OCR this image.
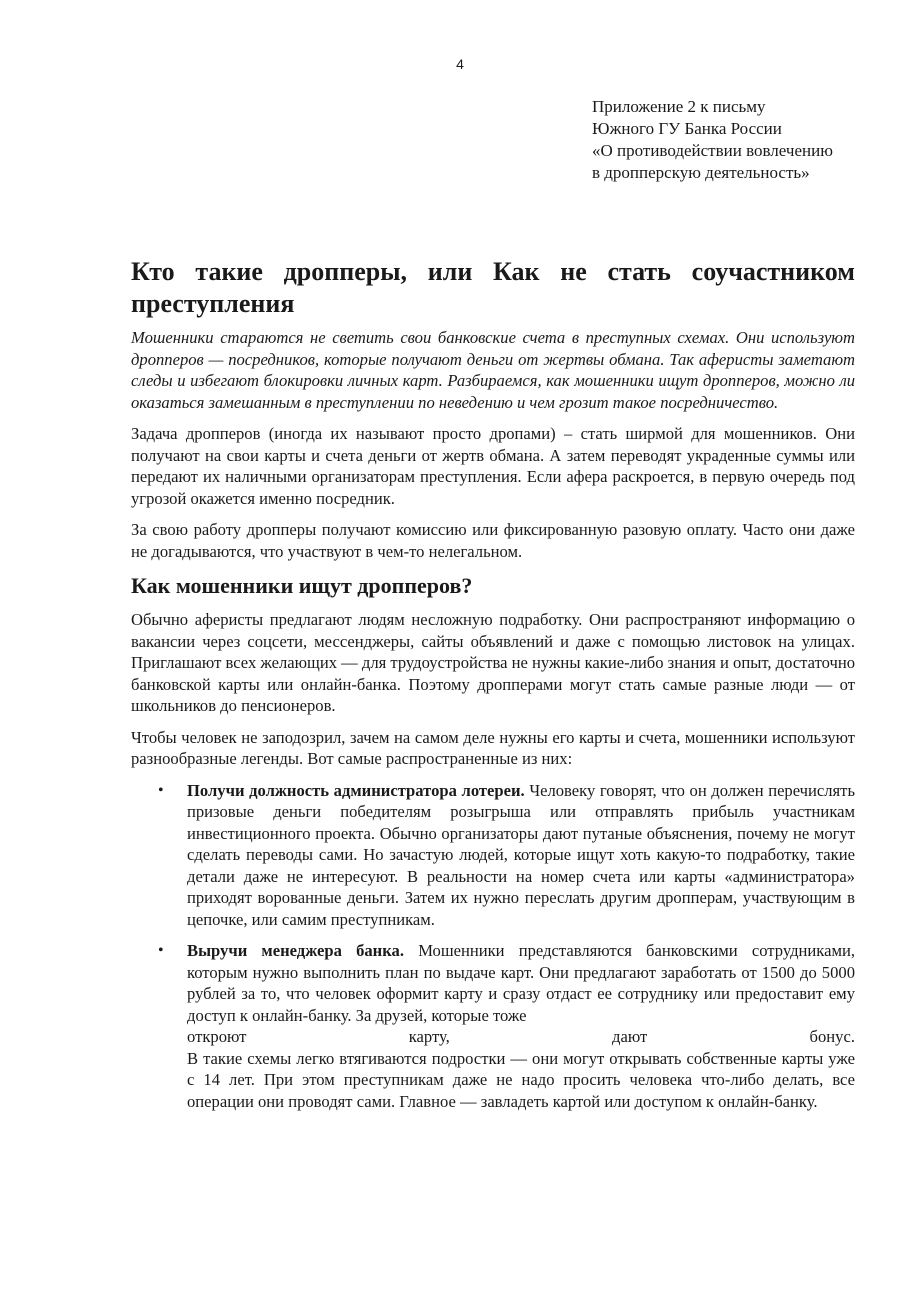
4
Приложение 2 к письму
Южного ГУ Банка России
«О противодействии вовлечению
в дропперскую деятельность»
Кто такие дропперы, или Как не стать соучастником преступления

Мошенники стараются не светить свои банковские счета в преступных схемах. Они используют дропперов — посредников, которые получают деньги от жертвы обмана. Так аферисты заметают следы и избегают блокировки личных карт. Разбираемся, как мошенники ищут дропперов, можно ли оказаться замешанным в преступлении по неведению и чем грозит такое посредничество.

Задача дропперов (иногда их называют просто дропами) – стать ширмой для мошенников. Они получают на свои карты и счета деньги от жертв обмана. А затем переводят украденные суммы или передают их наличными организаторам преступления. Если афера раскроется, в первую очередь под угрозой окажется именно посредник.

За свою работу дропперы получают комиссию или фиксированную разовую оплату. Часто они даже не догадываются, что участвуют в чем-то нелегальном.

Как мошенники ищут дропперов?

Обычно аферисты предлагают людям несложную подработку. Они распространяют информацию о вакансии через соцсети, мессенджеры, сайты объявлений и даже с помощью листовок на улицах. Приглашают всех желающих — для трудоустройства не нужны какие-либо знания и опыт, достаточно банковской карты или онлайн-банка. Поэтому дропперами могут стать самые разные люди — от школьников до пенсионеров.

Чтобы человек не заподозрил, зачем на самом деле нужны его карты и счета, мошенники используют разнообразные легенды. Вот самые распространенные из них:

• Получи должность администратора лотереи. Человеку говорят, что он должен перечислять призовые деньги победителям розыгрыша или отправлять прибыль участникам инвестиционного проекта. Обычно организаторы дают путаные объяснения, почему не могут сделать переводы сами. Но зачастую людей, которые ищут хоть какую-то подработку, такие детали даже не интересуют. В реальности на номер счета или карты «администратора» приходят ворованные деньги. Затем их нужно переслать другим дропперам, участвующим в цепочке, или самим преступникам.
• Выручи менеджера банка. Мошенники представляются банковскими сотрудниками, которым нужно выполнить план по выдаче карт. Они предлагают заработать от 1500 до 5000 рублей за то, что человек оформит карту и сразу отдаст ее сотруднику или предоставит ему доступ к онлайн-банку. За друзей, которые тоже
откроют	карту,	дают	бонус.
В такие схемы легко втягиваются подростки — они могут открывать собственные карты уже с 14 лет. При этом преступникам даже не надо просить человека что-либо делать, все операции они проводят сами. Главное — завладеть картой или доступом к онлайн-банку.
